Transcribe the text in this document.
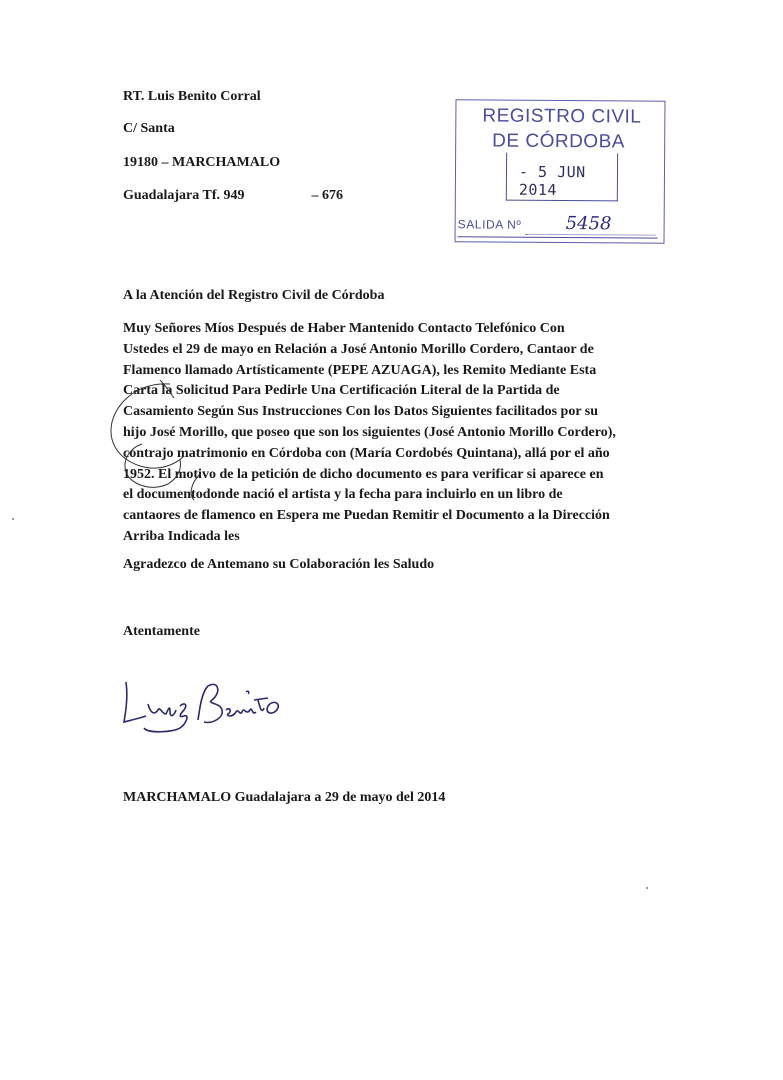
RT. Luis Benito Corral
C/ Santa
19180 – MARCHAMALO
Guadalajara Tf. 949	– 676
REGISTRO CIVIL
DE CÓRDOBA
- 5 JUN 2014
SALIDA Nº 5458
A la Atención del Registro Civil de Córdoba
Muy Señores Míos Después de Haber Mantenido Contacto Telefónico Con
Ustedes el 29 de mayo en Relación a José Antonio Morillo Cordero, Cantaor de
Flamenco llamado Artísticamente (PEPE AZUAGA), les Remito Mediante Esta
Carta la Solicitud Para Pedirle Una Certificación Literal de la Partida de
Casamiento Según Sus Instrucciones Con los Datos Siguientes facilitados por su
hijo José Morillo, que poseo que son los siguientes (José Antonio Morillo Cordero),
contrajo matrimonio en Córdoba con (María Cordobés Quintana), allá por el año
1952. El motivo de la petición de dicho documento es para verificar si aparece en
el documentodonde nació el artista y la fecha para incluirlo en un libro de
cantaores de flamenco en Espera me Puedan Remitir el Documento a la Dirección
Arriba Indicada les
Agradezco de Antemano su Colaboración les Saludo
Atentamente
MARCHAMALO Guadalajara a 29 de mayo del 2014
